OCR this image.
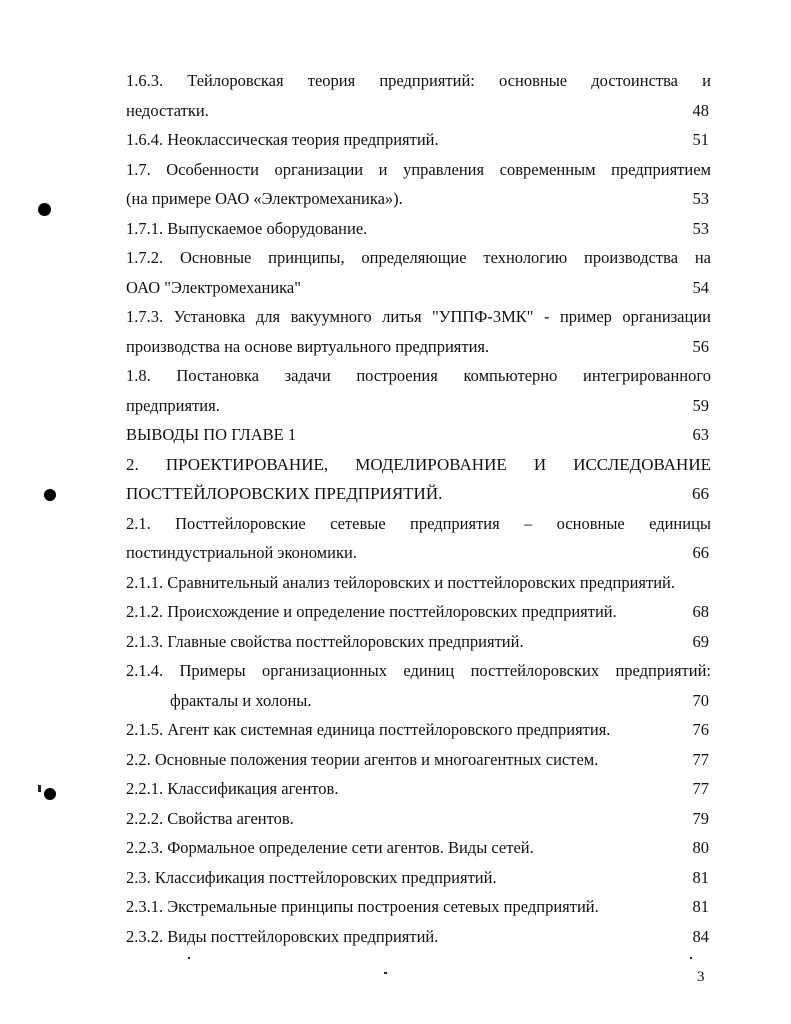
1.6.3. Тейлоровская теория предприятий: основные достоинства и
недостатки.	48
1.6.4. Неоклассическая теория предприятий.	51
1.7. Особенности организации и управления современным предприятием
(на примере ОАО «Электромеханика»).	53
1.7.1. Выпускаемое оборудование.	53
1.7.2. Основные принципы, определяющие технологию производства на
ОАО "Электромеханика"	54
1.7.3. Установка для вакуумного литья "УППФ-3МК" - пример организации
производства на основе виртуального предприятия.	56
1.8. Постановка задачи построения компьютерно интегрированного
предприятия.	59
ВЫВОДЫ ПО ГЛАВЕ 1	63
2. ПРОЕКТИРОВАНИЕ, МОДЕЛИРОВАНИЕ И ИССЛЕДОВАНИЕ
ПОСТТЕЙЛОРОВСКИХ ПРЕДПРИЯТИЙ.	66
2.1. Посттейлоровские сетевые предприятия – основные единицы
постиндустриальной экономики.	66
2.1.1. Сравнительный анализ тейлоровских и посттейлоровских предприятий.
2.1.2. Происхождение и определение посттейлоровских предприятий.	68
2.1.3. Главные свойства посттейлоровских предприятий.	69
2.1.4. Примеры организационных единиц посттейлоровских предприятий:
фракталы и холоны.	70
2.1.5. Агент как системная единица посттейлоровского предприятия.	76
2.2. Основные положения теории агентов и многоагентных систем.	77
2.2.1. Классификация агентов.	77
2.2.2. Свойства агентов.	79
2.2.3. Формальное определение сети агентов. Виды сетей.	80
2.3. Классификация посттейлоровских предприятий.	81
2.3.1. Экстремальные принципы построения сетевых предприятий.	81
2.3.2. Виды посттейлоровских предприятий.	84
3
